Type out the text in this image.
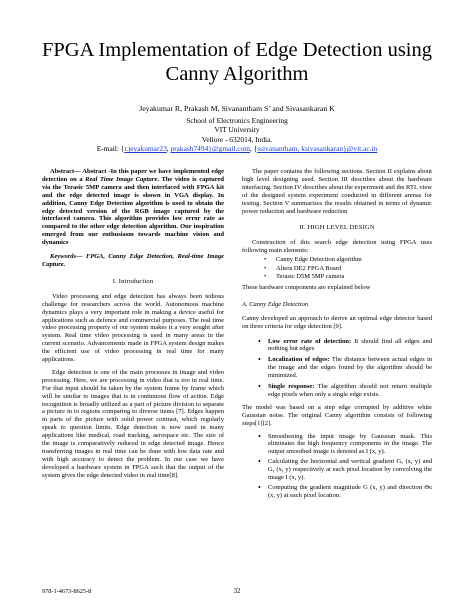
FPGA Implementation of Edge Detection using
Canny Algorithm
Jeyakumar R, Prakash M, Sivanantham S’ and Sivasankaran K
School of Electronics Engineering
VIT University
Vellore - 632014, India.
E-mail: {r.jeyakumar23, prakash7494}@gmail.com, {ssivanantham, ksivasankaran}@vit.ac.in
Abstract— Abstract -In this paper we have implemented edge detection on a Real Time Image Capture. The video is captured via the Terasic 5MP camera and then interfaced with FPGA kit and the edge detected image is shown in VGA display. In addition, Canny Edge Detection algorithm is used to obtain the edge detected version of the RGB image captured by the interfaced camera. This algorithm provides low error rate as compared to the other edge detection algorithm. Our inspiration emerged from our enthusiasm towards machine vision and dynamics
Keywords— FPGA, Canny Edge Detection, Real-time Image Capture.
I. Introduction
Video processing and edge detection has always been tedious challenge for researchers across the world. Autonomous machine dynamics plays a very important role in making a device useful for applications such as defence and commercial purposes. The real time video processing property of our system makes it a very sought after system. Real time video processing is used in many areas in the current scenario. Advancements made in FPGA system design makes the efficient use of video processing in real time for many applications.
Edge detection is one of the main processes in image and video processing. Here, we are processing in video that is too in real time. For that input should be taken by the system frame by frame which will be similar to images that is in continuous flow of action. Edge recognition is broadly utilized as a part of picture division to separate a picture in to regions comparing to diverse items [7]. Edges happen in parts of the picture with solid power contrast, which regularly speak to question limits. Edge detection is now used in many applications like medical, road tracking, aerospace etc. The size of the image is comparatively reduced in edge detected image. Hence transferring images in real time can be done with low data rate and with high accuracy to detect the problem. In our case we have developed a hardware system in FPGA such that the output of the system gives the edge detected video in real time[8].
The paper contains the following sections. Section II explains about high level designing used. Section III describes about the hardware interfacing. Section IV describes about the experiment and the RTL view of the designed system experiment conducted in different arenas for testing. Section V summarizes the results obtained in terms of dynamic power reduction and hardware reduction
II. HIGH LEVEL DESIGN
Construction of this search edge detection using FPGA uses following main elements:
• Canny Edge Detection algorithm
• Altera DE2 FPGA Board
• Terasic D5M 5MP camera
These hardware components are explained below
A. Canny Edge Detection
Canny developed an approach to derive an optimal edge detector based on three criteria for edge detection [9].
• Low error rate of detection: It should find all edges and nothing but edges
• Localization of edges: The distance between actual edges in the image and the edges found by the algorithm should be minimized.
• Single response: The algorithm should not return multiple edge pixels when only a single edge exists.
The model was based on a step edge corrupted by additive white Gaussian noise. The original Canny algorithm consists of following steps[1][2].
• Smoothening the input image by Gaussian mask. This eliminates the high frequency components in the image. The output smoothed image is denoted as I (x, y).
• Calculating the horizontal and vertical gradient Gₓ (x, y) and Gᵧ (x, y) respectively at each pixel location by convolving the image I (x, y).
• Computing the gradient magnitude G (x, y) and direction Θɢ (x, y) at each pixel location.
978-1-4673-8625-8	32
